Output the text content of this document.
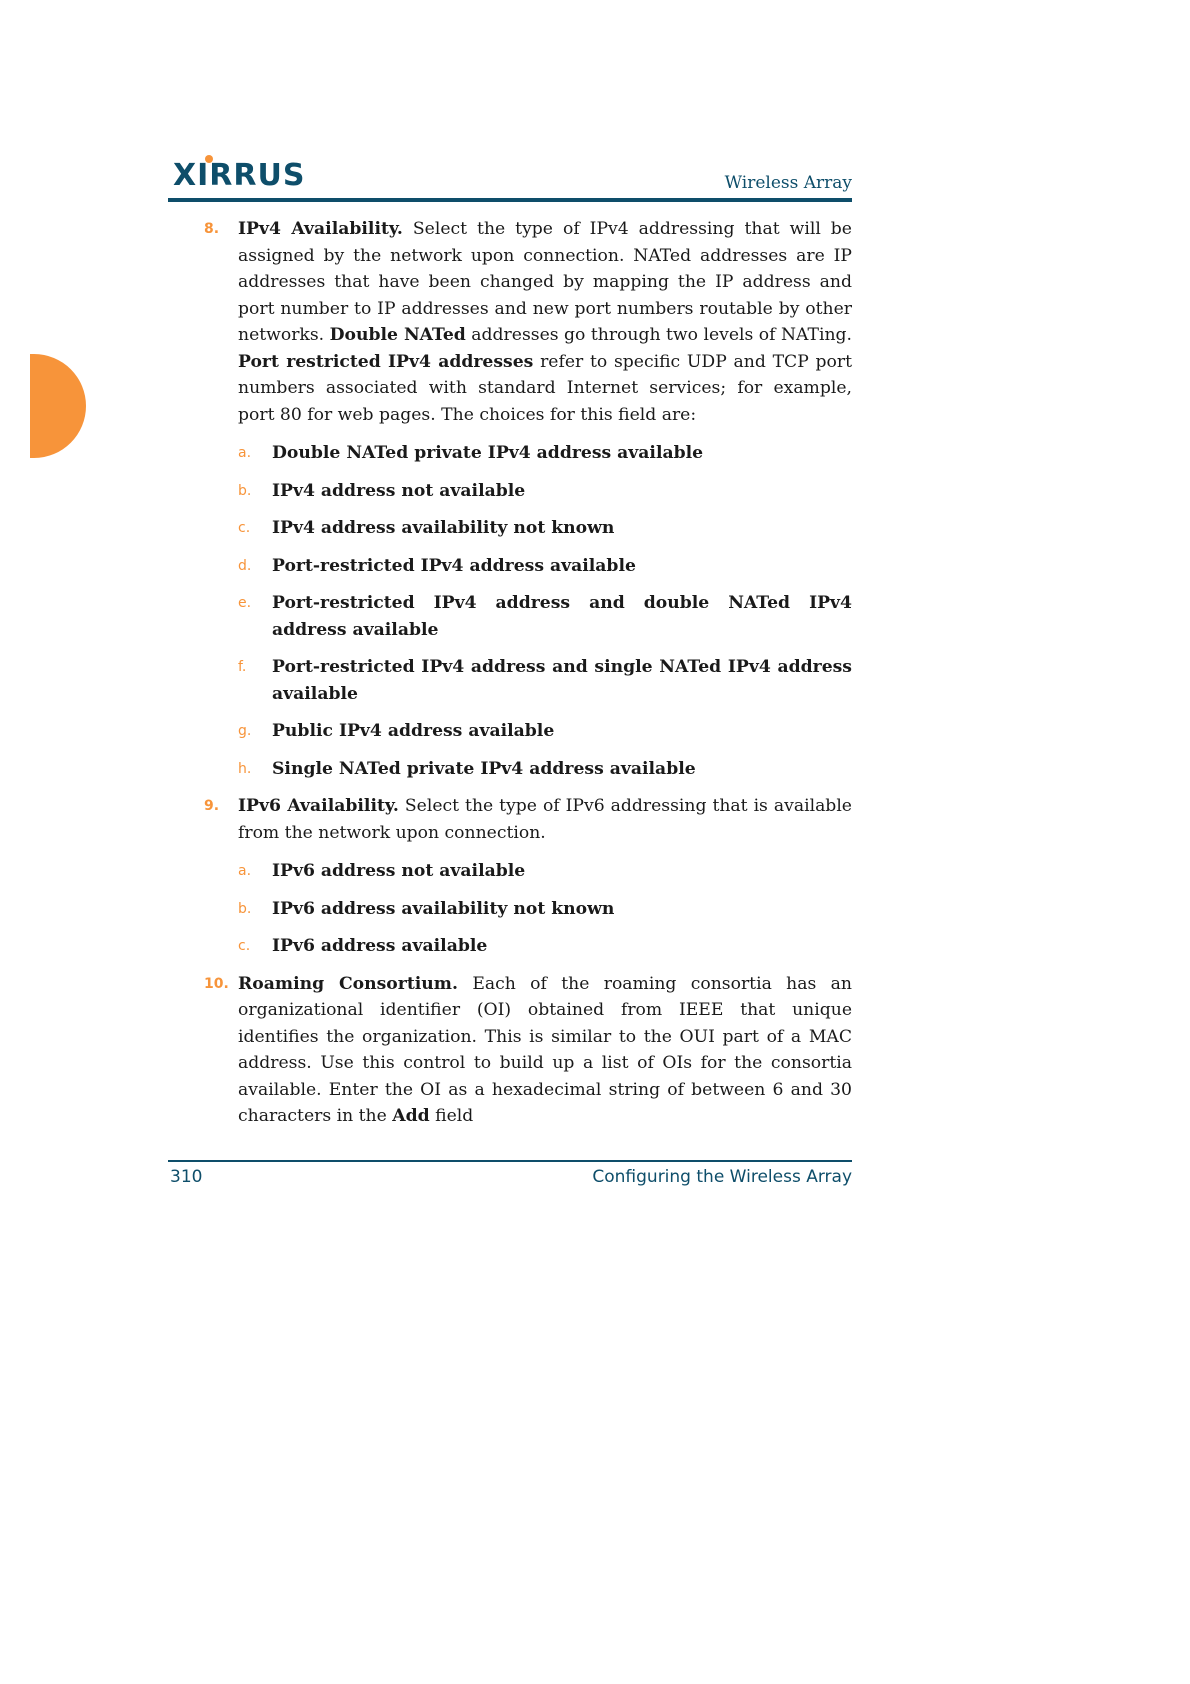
XIRRUS	Wireless Array
8. IPv4 Availability. Select the type of IPv4 addressing that will be assigned by the network upon connection. NATed addresses are IP addresses that have been changed by mapping the IP address and port number to IP addresses and new port numbers routable by other networks. Double NATed addresses go through two levels of NATing. Port restricted IPv4 addresses refer to specific UDP and TCP port numbers associated with standard Internet services; for example, port 80 for web pages. The choices for this field are:
a. Double NATed private IPv4 address available
b. IPv4 address not available
c. IPv4 address availability not known
d. Port-restricted IPv4 address available
e. Port-restricted IPv4 address and double NATed IPv4 address available
f. Port-restricted IPv4 address and single NATed IPv4 address available
g. Public IPv4 address available
h. Single NATed private IPv4 address available
9. IPv6 Availability. Select the type of IPv6 addressing that is available from the network upon connection.
a. IPv6 address not available
b. IPv6 address availability not known
c. IPv6 address available
10. Roaming Consortium. Each of the roaming consortia has an organizational identifier (OI) obtained from IEEE that unique identifies the organization. This is similar to the OUI part of a MAC address. Use this control to build up a list of OIs for the consortia available. Enter the OI as a hexadecimal string of between 6 and 30 characters in the Add field
310	Configuring the Wireless Array
